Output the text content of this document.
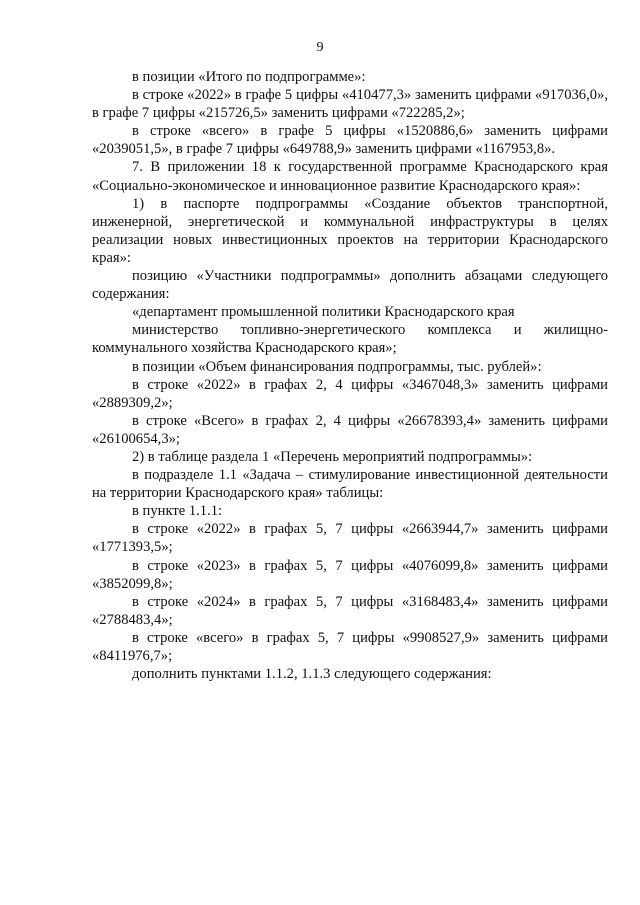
9

в позиции «Итого по подпрограмме»:

в строке «2022» в графе 5 цифры «410477,3» заменить цифрами «917036,0», в графе 7 цифры «215726,5» заменить цифрами «722285,2»;

в строке «всего» в графе 5 цифры «1520886,6» заменить цифрами «2039051,5», в графе 7 цифры «649788,9» заменить цифрами «1167953,8».

7. В приложении 18 к государственной программе Краснодарского края «Социально-экономическое и инновационное развитие Краснодарского края»:

1) в паспорте подпрограммы «Создание объектов транспортной, инженерной, энергетической и коммунальной инфраструктуры в целях реализации новых инвестиционных проектов на территории Краснодарского края»:

позицию «Участники подпрограммы» дополнить абзацами следующего содержания:

«департамент промышленной политики Краснодарского края

министерство топливно-энергетического комплекса и жилищно-коммунального хозяйства Краснодарского края»;

в позиции «Объем финансирования подпрограммы, тыс. рублей»:

в строке «2022» в графах 2, 4 цифры «3467048,3» заменить цифрами «2889309,2»;

в строке «Всего» в графах 2, 4 цифры «26678393,4» заменить цифрами «26100654,3»;

2) в таблице раздела 1 «Перечень мероприятий подпрограммы»:

в подразделе 1.1 «Задача – стимулирование инвестиционной деятельности на территории Краснодарского края» таблицы:

в пункте 1.1.1:

в строке «2022» в графах 5, 7 цифры «2663944,7» заменить цифрами «1771393,5»;

в строке «2023» в графах 5, 7 цифры «4076099,8» заменить цифрами «3852099,8»;

в строке «2024» в графах 5, 7 цифры «3168483,4» заменить цифрами «2788483,4»;

в строке «всего» в графах 5, 7 цифры «9908527,9» заменить цифрами «8411976,7»;

дополнить пунктами 1.1.2, 1.1.3 следующего содержания:
